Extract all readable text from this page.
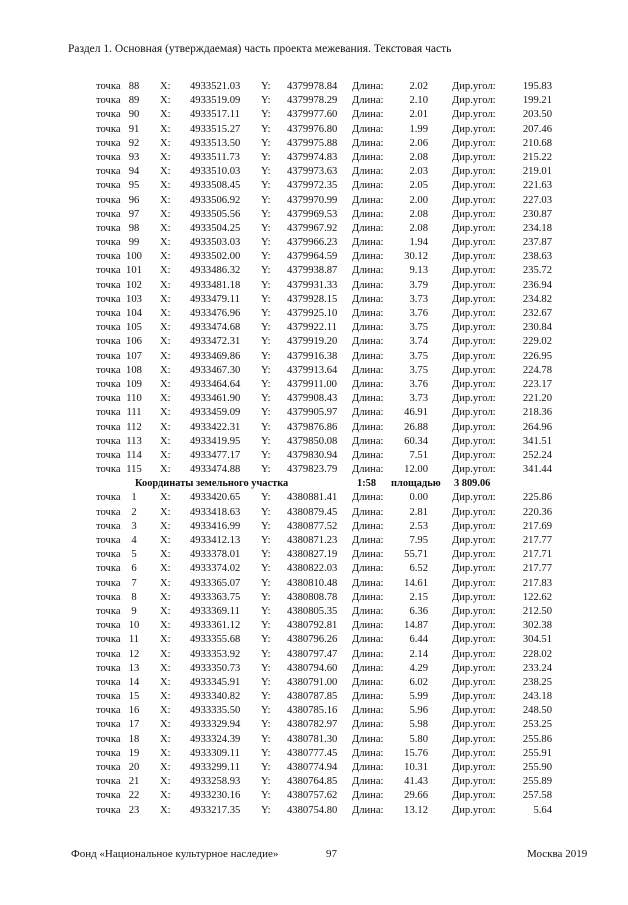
Раздел 1. Основная (утверждаемая) часть проекта межевания. Текстовая часть
точка 88	X: 4933521.03 Y: 4379978.84 Длина:	2.02 Дир.угол:	195.83
точка 89	X: 4933519.09 Y: 4379978.29 Длина:	2.10 Дир.угол:	199.21
точка 90	X: 4933517.11 Y: 4379977.60 Длина:	2.01 Дир.угол:	203.50
точка 91	X: 4933515.27 Y: 4379976.80 Длина:	1.99 Дир.угол:	207.46
точка 92	X: 4933513.50 Y: 4379975.88 Длина:	2.06 Дир.угол:	210.68
точка 93	X: 4933511.73 Y: 4379974.83 Длина:	2.08 Дир.угол:	215.22
точка 94	X: 4933510.03 Y: 4379973.63 Длина:	2.03 Дир.угол:	219.01
точка 95	X: 4933508.45 Y: 4379972.35 Длина:	2.05 Дир.угол:	221.63
точка 96	X: 4933506.92 Y: 4379970.99 Длина:	2.00 Дир.угол:	227.03
точка 97	X: 4933505.56 Y: 4379969.53 Длина:	2.08 Дир.угол:	230.87
точка 98	X: 4933504.25 Y: 4379967.92 Длина:	2.08 Дир.угол:	234.18
точка 99	X: 4933503.03 Y: 4379966.23 Длина:	1.94 Дир.угол:	237.87
точка 100	X: 4933502.00 Y: 4379964.59 Длина:	30.12 Дир.угол:	238.63
точка 101	X: 4933486.32 Y: 4379938.87 Длина:	9.13 Дир.угол:	235.72
точка 102	X: 4933481.18 Y: 4379931.33 Длина:	3.79 Дир.угол:	236.94
точка 103	X: 4933479.11 Y: 4379928.15 Длина:	3.73 Дир.угол:	234.82
точка 104	X: 4933476.96 Y: 4379925.10 Длина:	3.76 Дир.угол:	232.67
точка 105	X: 4933474.68 Y: 4379922.11 Длина:	3.75 Дир.угол:	230.84
точка 106	X: 4933472.31 Y: 4379919.20 Длина:	3.74 Дир.угол:	229.02
точка 107	X: 4933469.86 Y: 4379916.38 Длина:	3.75 Дир.угол:	226.95
точка 108	X: 4933467.30 Y: 4379913.64 Длина:	3.75 Дир.угол:	224.78
точка 109	X: 4933464.64 Y: 4379911.00 Длина:	3.76 Дир.угол:	223.17
точка 110	X: 4933461.90 Y: 4379908.43 Длина:	3.73 Дир.угол:	221.20
точка 111	X: 4933459.09 Y: 4379905.97 Длина:	46.91 Дир.угол:	218.36
точка 112	X: 4933422.31 Y: 4379876.86 Длина:	26.88 Дир.угол:	264.96
точка 113	X: 4933419.95 Y: 4379850.08 Длина:	60.34 Дир.угол:	341.51
точка 114	X: 4933477.17 Y: 4379830.94 Длина:	7.51 Дир.угол:	252.24
точка 115	X: 4933474.88 Y: 4379823.79 Длина:	12.00 Дир.угол:	341.44
Координаты земельного участка	1:58 площадью 3 809.06
точка	1	X: 4933420.65 Y: 4380881.41 Длина:	0.00 Дир.угол:	225.86
точка	2	X: 4933418.63 Y: 4380879.45 Длина:	2.81 Дир.угол:	220.36
точка	3	X: 4933416.99 Y: 4380877.52 Длина:	2.53 Дир.угол:	217.69
точка	4	X: 4933412.13 Y: 4380871.23 Длина:	7.95 Дир.угол:	217.77
точка	5	X: 4933378.01 Y: 4380827.19 Длина:	55.71 Дир.угол:	217.71
точка	6	X: 4933374.02 Y: 4380822.03 Длина:	6.52 Дир.угол:	217.77
точка	7	X: 4933365.07 Y: 4380810.48 Длина:	14.61 Дир.угол:	217.83
точка	8	X: 4933363.75 Y: 4380808.78 Длина:	2.15 Дир.угол:	122.62
точка	9	X: 4933369.11 Y: 4380805.35 Длина:	6.36 Дир.угол:	212.50
точка 10	X: 4933361.12 Y: 4380792.81 Длина:	14.87 Дир.угол:	302.38
точка 11	X: 4933355.68 Y: 4380796.26 Длина:	6.44 Дир.угол:	304.51
точка 12	X: 4933353.92 Y: 4380797.47 Длина:	2.14 Дир.угол:	228.02
точка 13	X: 4933350.73 Y: 4380794.60 Длина:	4.29 Дир.угол:	233.24
точка 14	X: 4933345.91 Y: 4380791.00 Длина:	6.02 Дир.угол:	238.25
точка 15	X: 4933340.82 Y: 4380787.85 Длина:	5.99 Дир.угол:	243.18
точка 16	X: 4933335.50 Y: 4380785.16 Длина:	5.96 Дир.угол:	248.50
точка 17	X: 4933329.94 Y: 4380782.97 Длина:	5.98 Дир.угол:	253.25
точка 18	X: 4933324.39 Y: 4380781.30 Длина:	5.80 Дир.угол:	255.86
точка 19	X: 4933309.11 Y: 4380777.45 Длина:	15.76 Дир.угол:	255.91
точка 20	X: 4933299.11 Y: 4380774.94 Длина:	10.31 Дир.угол:	255.90
точка 21	X: 4933258.93 Y: 4380764.85 Длина:	41.43 Дир.угол:	255.89
точка 22	X: 4933230.16 Y: 4380757.62 Длина:	29.66 Дир.угол:	257.58
точка 23	X: 4933217.35 Y: 4380754.80 Длина:	13.12 Дир.угол:	5.64
Фонд «Национальное культурное наследие»	97	Москва 2019
